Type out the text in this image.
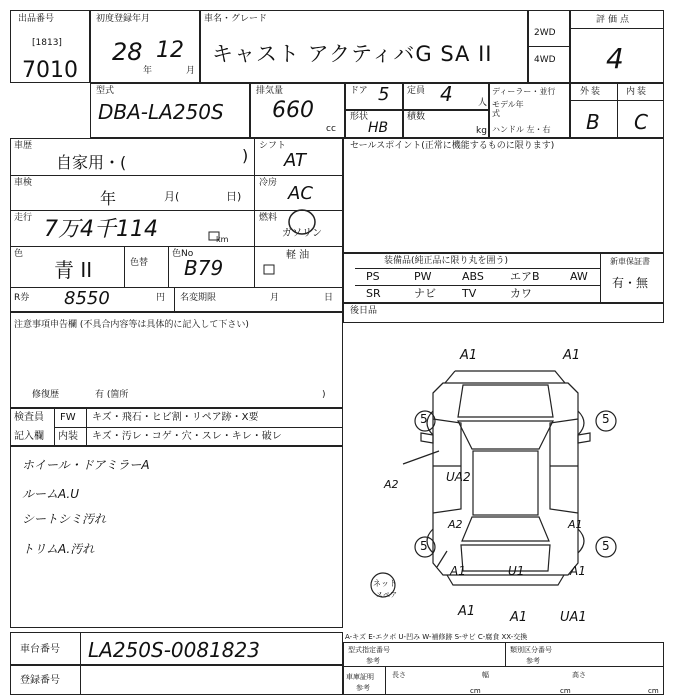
出品番号
[1813]
7010
初度登録年月
28
年
12
月
車名・グレード
キャスト アクティバG SA II
2WD
4WD
評価点
4
型式
DBA-LA250S
排気量
660
cc
ドア 5 定員 4	人
形状
HB
積数
kg
ディーラー・並行
モデル年式
ハンドル 左・右
外装	内装
B C
車歴
自家用・(	) シフト
AT
車検
年	月(	日)
冷房 AC
走行 7万4千114	km
燃料
ガソリン
軽 油
色
青 II	色替
色No
B79
R券 8550	円 名変期限	月	日
セールスポイント(正常に機能するものに限ります)
装備品(純正品に限り丸を囲う)	新車保証書
有・無
PS	PW	ABS エアB	AW
SR	ナビ TV	カワ
後日品
注意事項申告欄 (不具合内容等は具体的に記入して下さい)
修復歴	有 (箇所	)
検査員
記入欄
FW キズ・飛石・ヒビ割・リペア跡・X要
内装 キズ・汚レ・コゲ・穴・スレ・キレ・破レ
ホイール・ドアミラーA
ルームA.U
シートシミ汚れ
トリムA.汚れ
A1	A1
5	5
5	5
A2
UA2
A2	A1
A1	U1	A1
A1	A1	UA1
ネット
スペア
A-キズ E-エクボ U-凹み W-補修跡 S-サビ C-腐食 XX-交換
車台番号 LA250S-0081823
登録番号
型式指定番号
参考
類別区分番号
参考
車庫証明
参考
長さ
cm
幅
cm
高さ
cm
